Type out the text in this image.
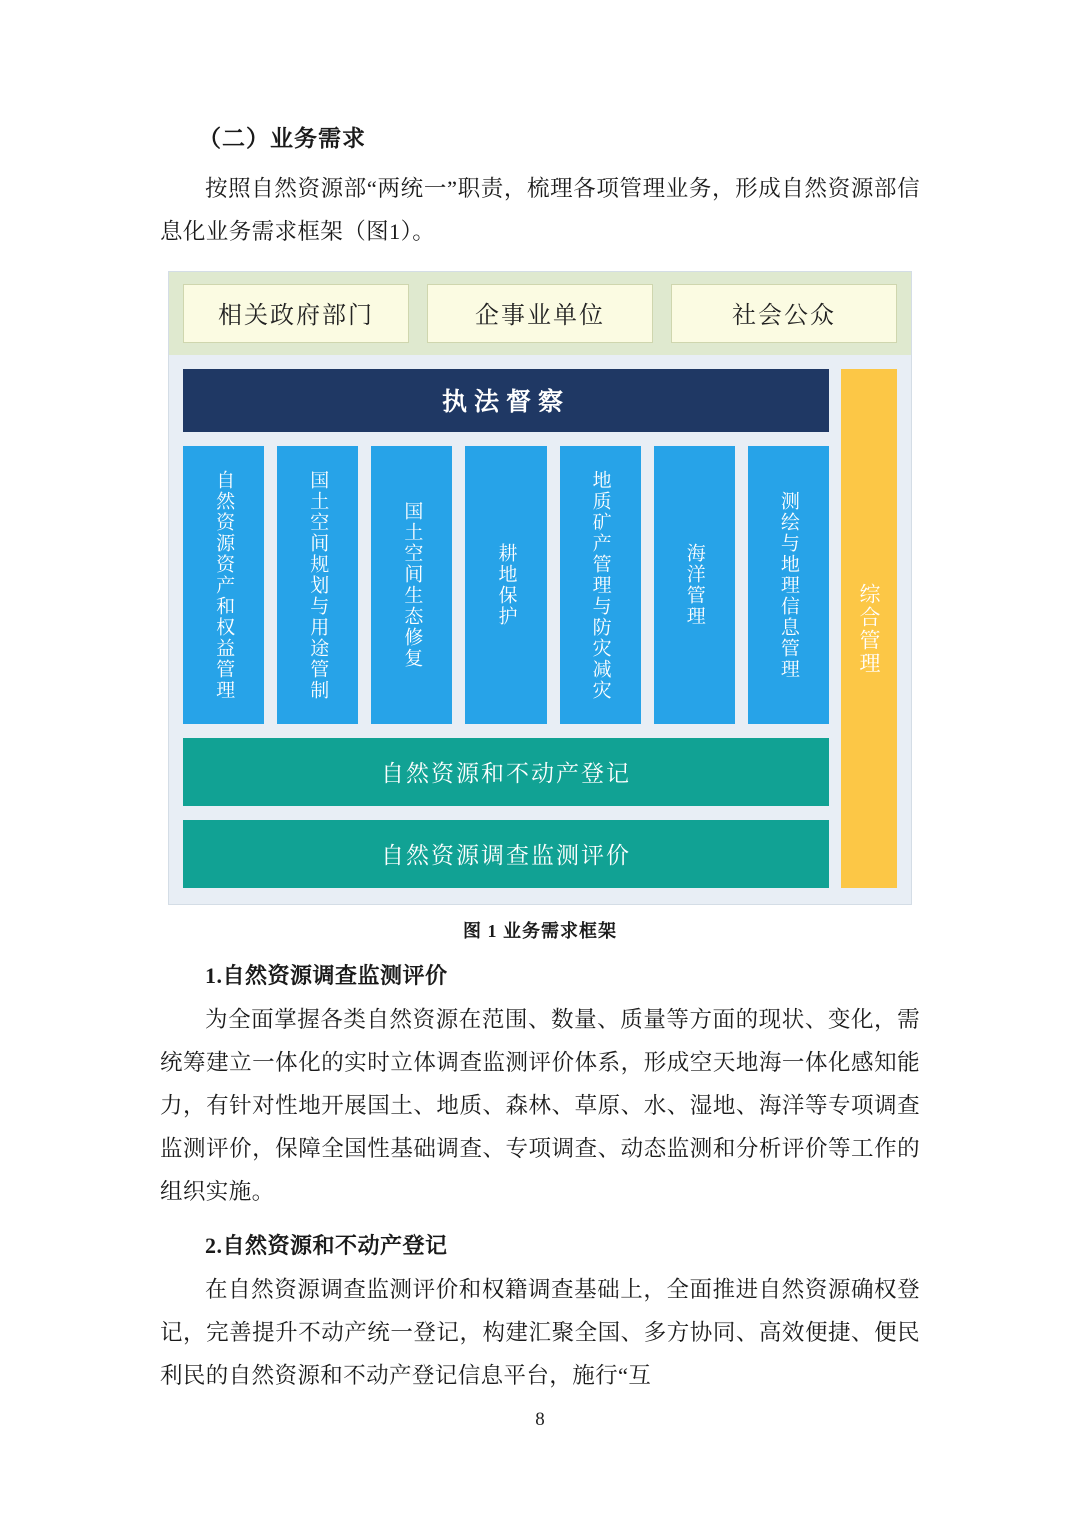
（二）业务需求

按照自然资源部“两统一”职责，梳理各项管理业务，形成自然资源部信息化业务需求框架（图1）。

相关政府部门	企事业单位	社会公众
执法督察
自然资源资产和权益管理	国土空间规划与用途管制	国土空间生态修复	耕地保护	地质矿产管理与防灾减灾	海洋管理	测绘与地理信息管理
自然资源和不动产登记
自然资源调查监测评价
综合管理
图 1 业务需求框架
1.自然资源调查监测评价

为全面掌握各类自然资源在范围、数量、质量等方面的现状、变化，需统筹建立一体化的实时立体调查监测评价体系，形成空天地海一体化感知能力，有针对性地开展国土、地质、森林、草原、水、湿地、海洋等专项调查监测评价，保障全国性基础调查、专项调查、动态监测和分析评价等工作的组织实施。

2.自然资源和不动产登记

在自然资源调查监测评价和权籍调查基础上，全面推进自然资源确权登记，完善提升不动产统一登记，构建汇聚全国、多方协同、高效便捷、便民利民的自然资源和不动产登记信息平台，施行“互

8
